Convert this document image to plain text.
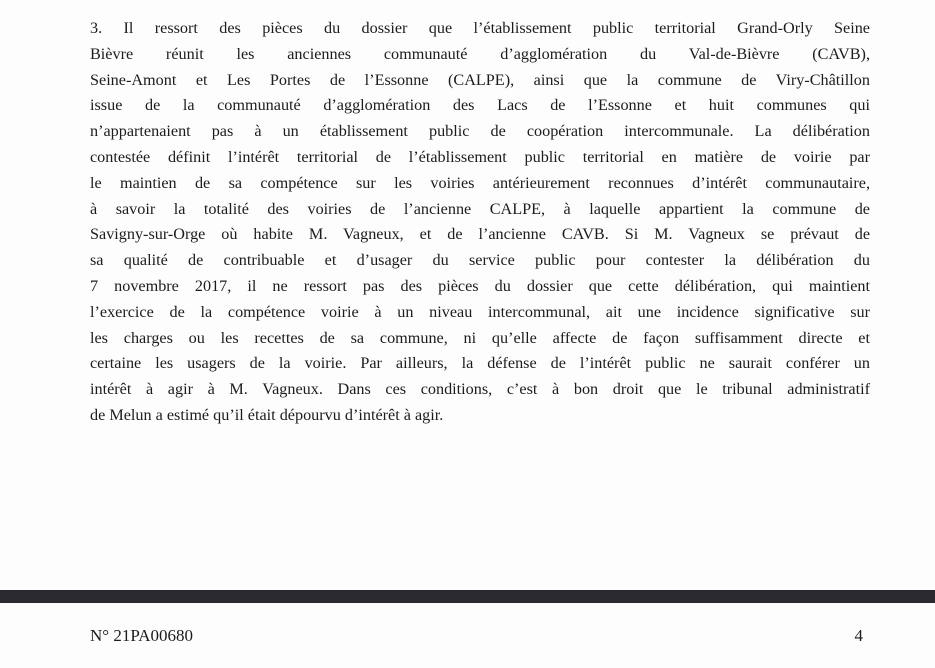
3. Il ressort des pièces du dossier que l’établissement public territorial Grand-Orly Seine
Bièvre réunit les anciennes communauté d’agglomération du Val-de-Bièvre (CAVB),
Seine-Amont et Les Portes de l’Essonne (CALPE), ainsi que la commune de Viry-Châtillon
issue de la communauté d’agglomération des Lacs de l’Essonne et huit communes qui
n’appartenaient pas à un établissement public de coopération intercommunale. La délibération
contestée définit l’intérêt territorial de l’établissement public territorial en matière de voirie par
le maintien de sa compétence sur les voiries antérieurement reconnues d’intérêt communautaire,
à savoir la totalité des voiries de l’ancienne CALPE, à laquelle appartient la commune de
Savigny-sur-Orge où habite M. Vagneux, et de l’ancienne CAVB. Si M. Vagneux se prévaut de
sa qualité de contribuable et d’usager du service public pour contester la délibération du
7 novembre 2017, il ne ressort pas des pièces du dossier que cette délibération, qui maintient
l’exercice de la compétence voirie à un niveau intercommunal, ait une incidence significative sur
les charges ou les recettes de sa commune, ni qu’elle affecte de façon suffisamment directe et
certaine les usagers de la voirie. Par ailleurs, la défense de l’intérêt public ne saurait conférer un
intérêt à agir à M. Vagneux. Dans ces conditions, c’est à bon droit que le tribunal administratif
de Melun a estimé qu’il était dépourvu d’intérêt à agir.
N° 21PA00680	4
